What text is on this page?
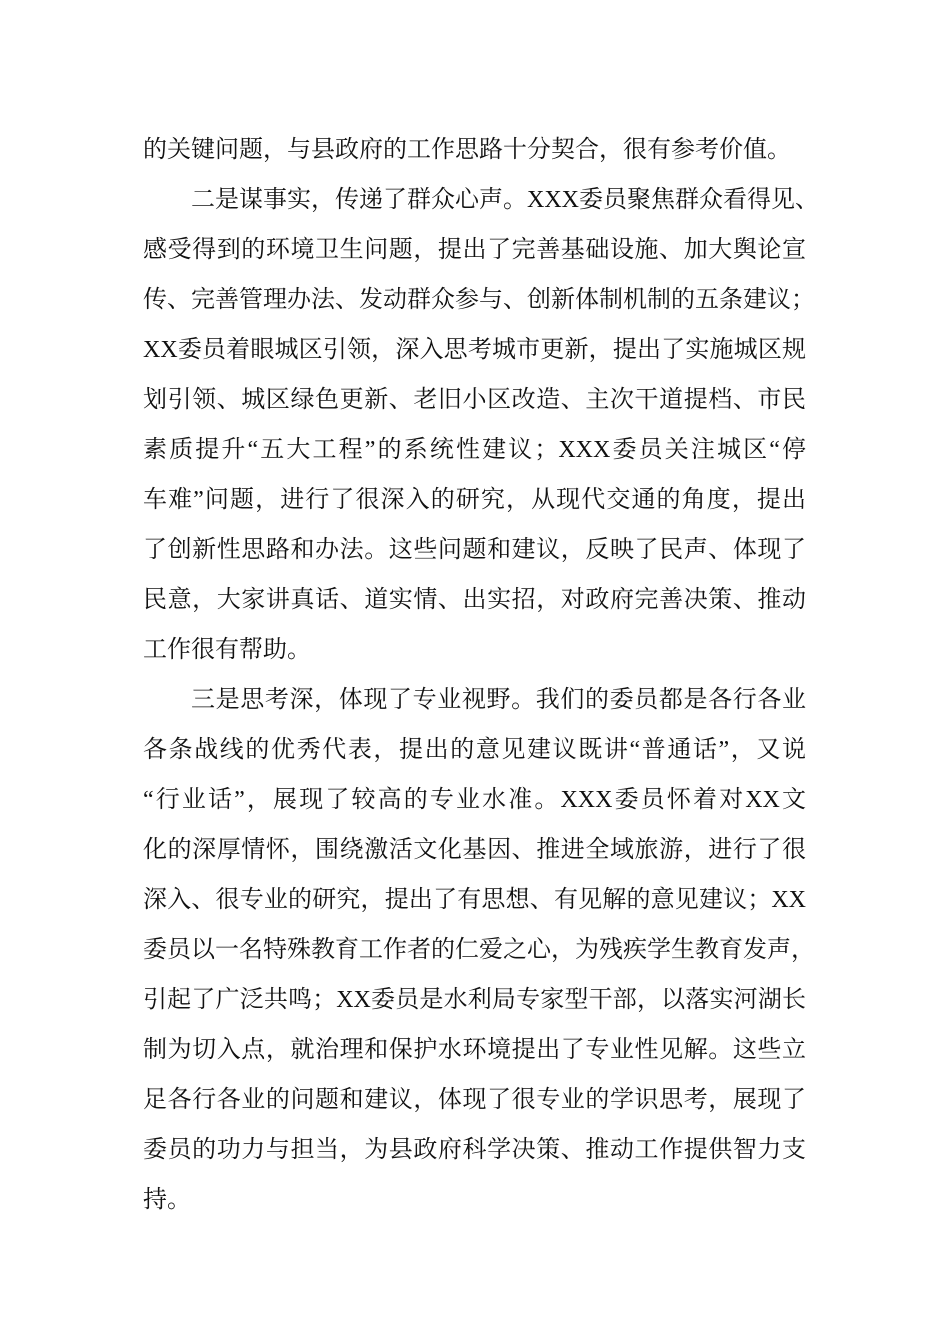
的关键问题，与县政府的工作思路十分契合，很有参考价值。
二是谋事实，传递了群众心声。XXX委员聚焦群众看得见、
感受得到的环境卫生问题，提出了完善基础设施、加大舆论宣
传、完善管理办法、发动群众参与、创新体制机制的五条建议；
XX委员着眼城区引领，深入思考城市更新，提出了实施城区规
划引领、城区绿色更新、老旧小区改造、主次干道提档、市民
素质提升“五大工程”的系统性建议；XXX委员关注城区“停
车难”问题，进行了很深入的研究，从现代交通的角度，提出
了创新性思路和办法。这些问题和建议，反映了民声、体现了
民意，大家讲真话、道实情、出实招，对政府完善决策、推动
工作很有帮助。
三是思考深，体现了专业视野。我们的委员都是各行各业
各条战线的优秀代表，提出的意见建议既讲“普通话”，又说
“行业话”，展现了较高的专业水准。XXX委员怀着对XX文
化的深厚情怀，围绕激活文化基因、推进全域旅游，进行了很
深入、很专业的研究，提出了有思想、有见解的意见建议；XX
委员以一名特殊教育工作者的仁爱之心，为残疾学生教育发声，
引起了广泛共鸣；XX委员是水利局专家型干部，以落实河湖长
制为切入点，就治理和保护水环境提出了专业性见解。这些立
足各行各业的问题和建议，体现了很专业的学识思考，展现了
委员的功力与担当，为县政府科学决策、推动工作提供智力支
持。
